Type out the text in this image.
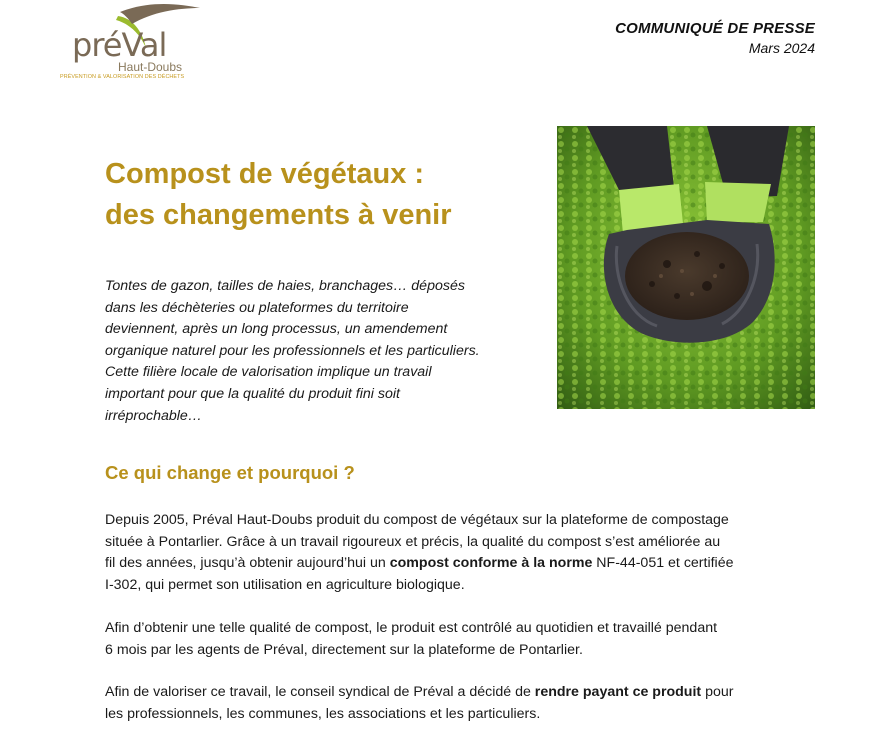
préVal
Haut-Doubs
PRÉVENTION & VALORISATION DES DÉCHETS
COMMUNIQUÉ DE PRESSE
Mars 2024
Compost de végétaux :
des changements à venir
Tontes de gazon, tailles de haies, branchages… déposés
dans les déchèteries ou plateformes du territoire
deviennent, après un long processus, un amendement
organique naturel pour les professionnels et les particuliers.
Cette filière locale de valorisation implique un travail
important pour que la qualité du produit fini soit
irréprochable…
Ce qui change et pourquoi ?
Depuis 2005, Préval Haut-Doubs produit du compost de végétaux sur la plateforme de compostage
située à Pontarlier. Grâce à un travail rigoureux et précis, la qualité du compost s’est améliorée au
fil des années, jusqu’à obtenir aujourd’hui un compost conforme à la norme NF-44-051 et certifiée
I-302, qui permet son utilisation en agriculture biologique.
Afin d’obtenir une telle qualité de compost, le produit est contrôlé au quotidien et travaillé pendant
6 mois par les agents de Préval, directement sur la plateforme de Pontarlier.
Afin de valoriser ce travail, le conseil syndical de Préval a décidé de rendre payant ce produit pour
les professionnels, les communes, les associations et les particuliers.
